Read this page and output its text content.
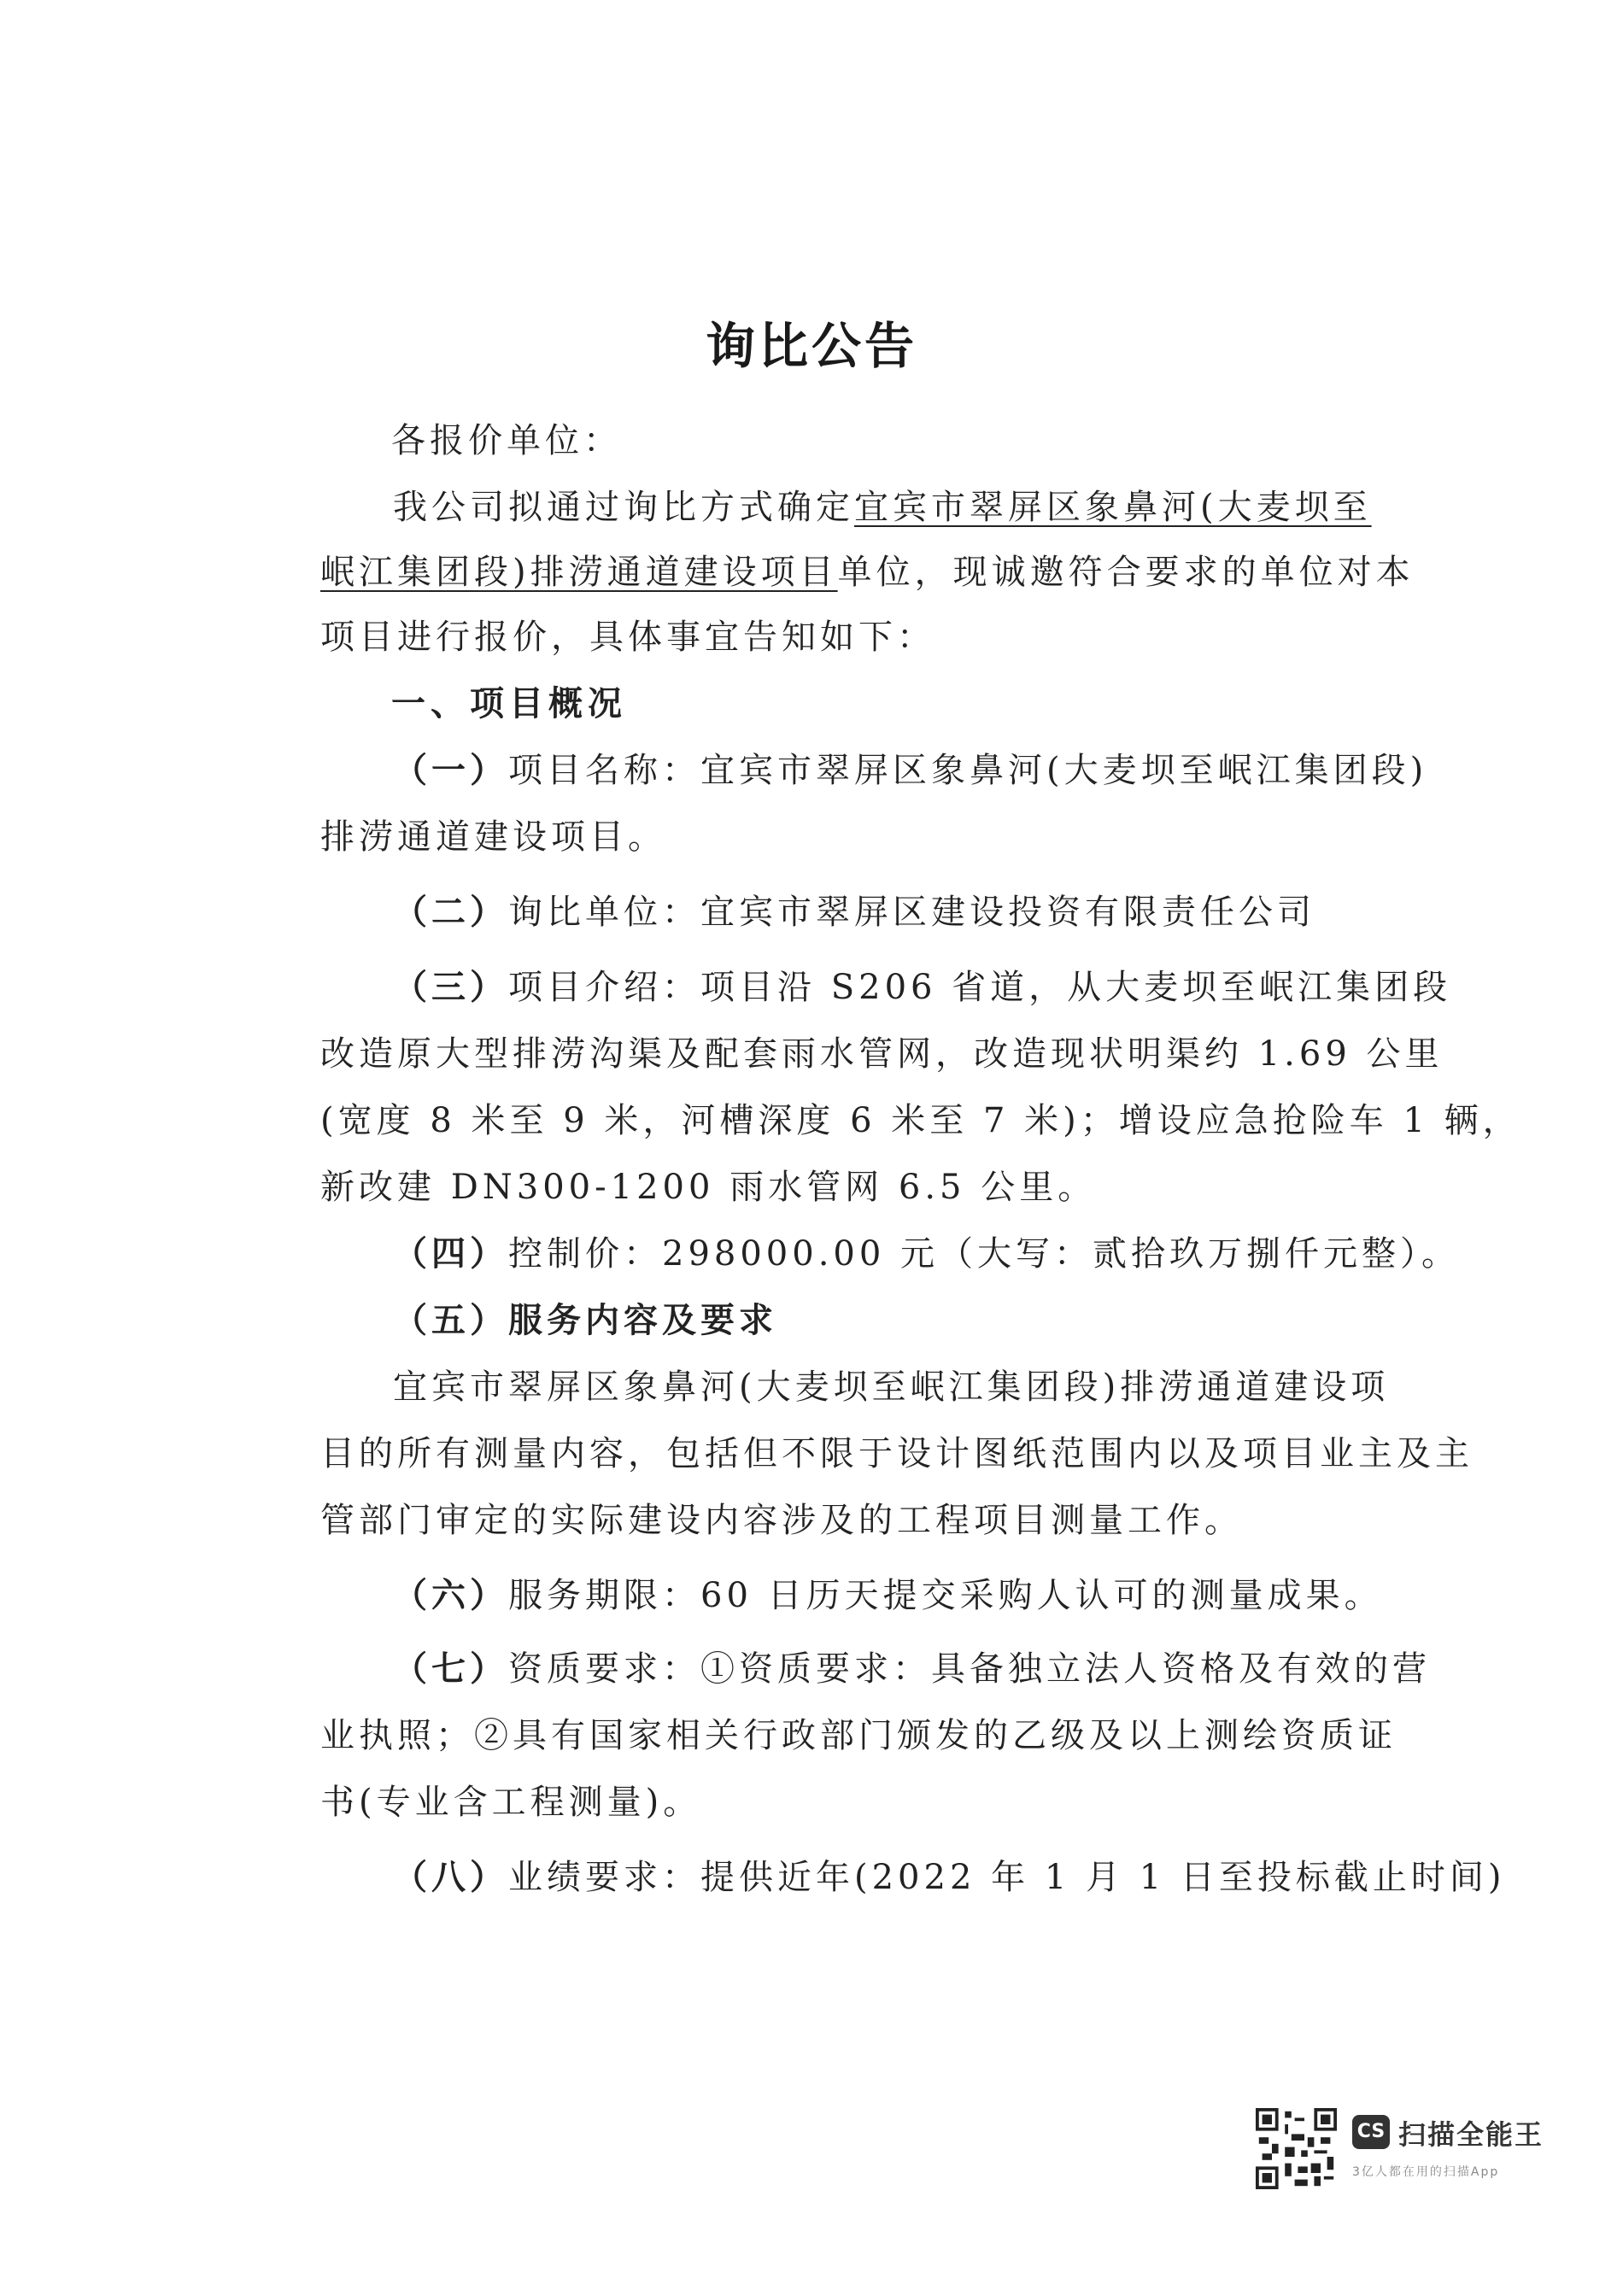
询比公告
各报价单位：
我公司拟通过询比方式确定宜宾市翠屏区象鼻河(大麦坝至
岷江集团段)排涝通道建设项目单位，现诚邀符合要求的单位对本
项目进行报价，具体事宜告知如下：
一、项目概况
（一）项目名称：宜宾市翠屏区象鼻河(大麦坝至岷江集团段)
排涝通道建设项目。
（二）询比单位：宜宾市翠屏区建设投资有限责任公司
（三）项目介绍：项目沿 S206 省道，从大麦坝至岷江集团段
改造原大型排涝沟渠及配套雨水管网，改造现状明渠约 1.69 公里
(宽度 8 米至 9 米，河槽深度 6 米至 7 米)；增设应急抢险车 1 辆，
新改建 DN300-1200 雨水管网 6.5 公里。
（四）控制价：298000.00 元（大写：贰拾玖万捌仟元整）。
（五）服务内容及要求
宜宾市翠屏区象鼻河(大麦坝至岷江集团段)排涝通道建设项
目的所有测量内容，包括但不限于设计图纸范围内以及项目业主及主
管部门审定的实际建设内容涉及的工程项目测量工作。
（六）服务期限：60 日历天提交采购人认可的测量成果。
（七）资质要求：①资质要求：具备独立法人资格及有效的营
业执照；②具有国家相关行政部门颁发的乙级及以上测绘资质证
书(专业含工程测量)。
（八）业绩要求：提供近年(2022 年 1 月 1 日至投标截止时间)
CS 扫描全能王
3亿人都在用的扫描App
